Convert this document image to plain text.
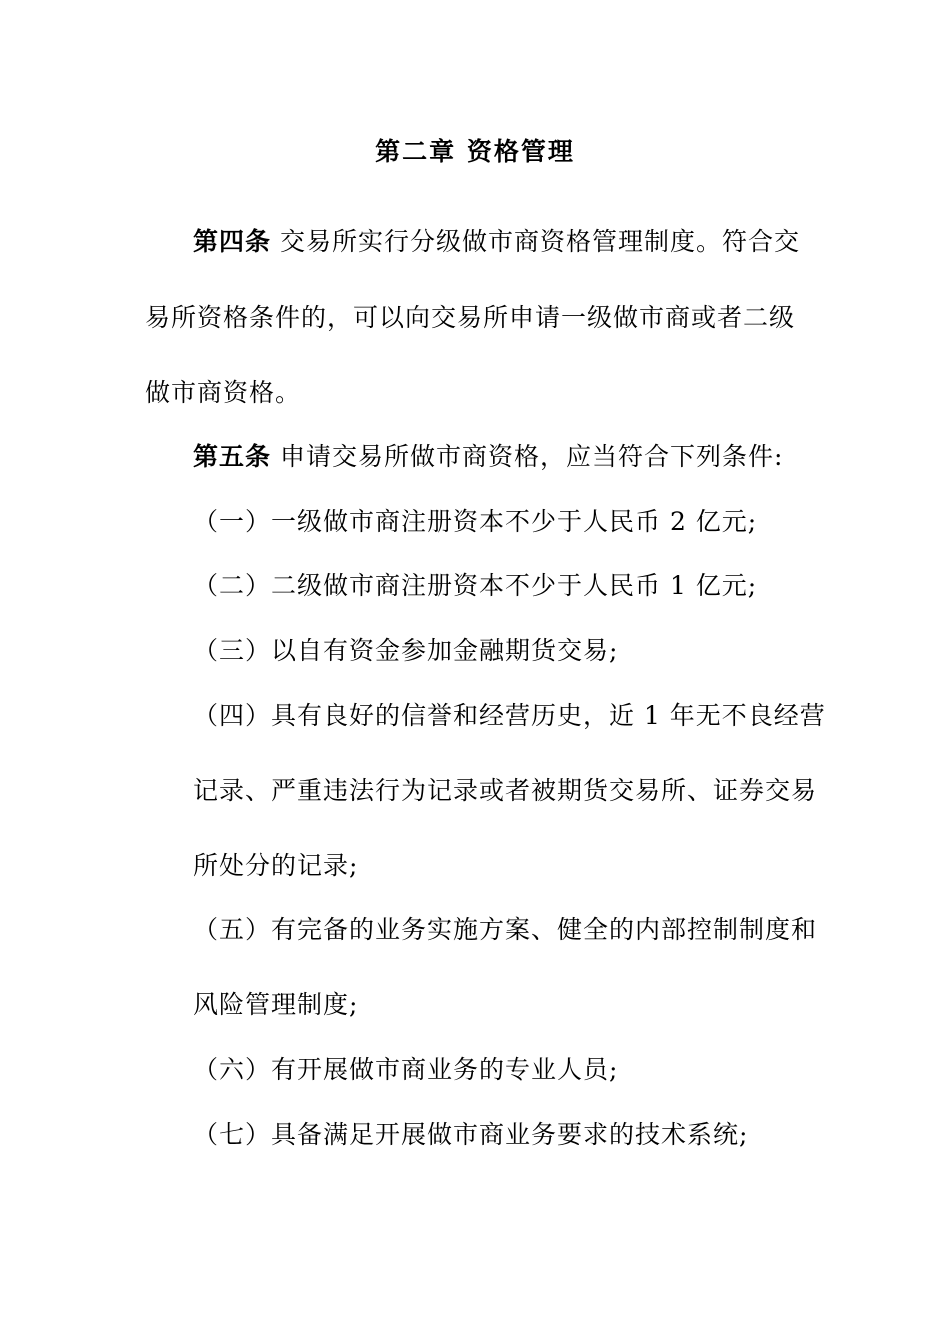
第二章 资格管理
第四条 交易所实行分级做市商资格管理制度。符合交
易所资格条件的，可以向交易所申请一级做市商或者二级
做市商资格。
第五条 申请交易所做市商资格，应当符合下列条件:
（一）一级做市商注册资本不少于人民币 2 亿元;
（二）二级做市商注册资本不少于人民币 1 亿元;
（三）以自有资金参加金融期货交易;
（四）具有良好的信誉和经营历史，近 1 年无不良经营
记录、严重违法行为记录或者被期货交易所、证券交易
所处分的记录;
（五）有完备的业务实施方案、健全的内部控制制度和
风险管理制度;
（六）有开展做市商业务的专业人员;
（七）具备满足开展做市商业务要求的技术系统;
